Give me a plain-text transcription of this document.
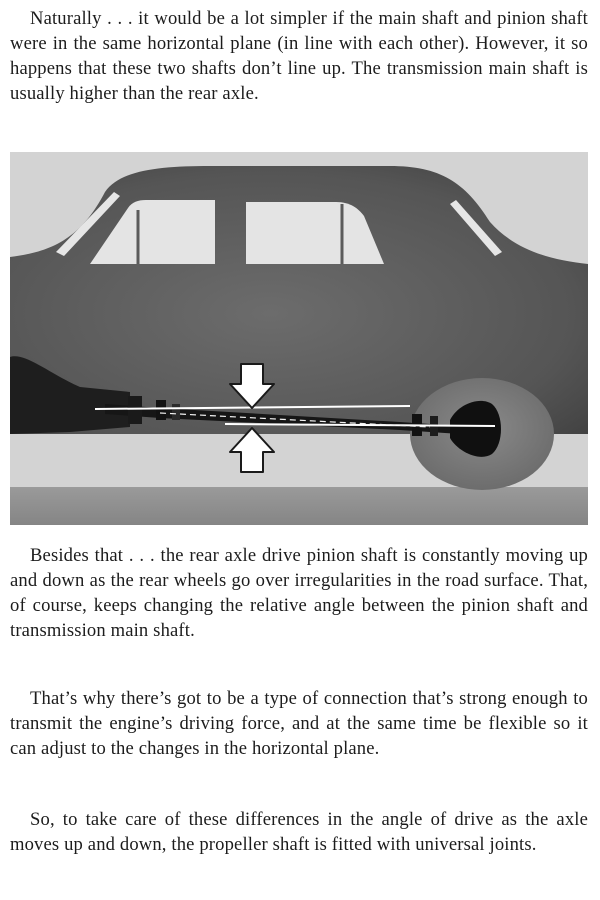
Naturally . . . it would be a lot simpler if the main shaft and pinion shaft were in the same horizontal plane (in line with each other). However, it so happens that these two shafts don’t line up. The transmission main shaft is usually higher than the rear axle.

Besides that . . . the rear axle drive pinion shaft is constantly moving up and down as the rear wheels go over irregularities in the road surface. That, of course, keeps changing the relative angle between the pinion shaft and transmission main shaft.

That’s why there’s got to be a type of connection that’s strong enough to transmit the engine’s driving force, and at the same time be flexible so it can adjust to the changes in the horizontal plane.

So, to take care of these differences in the angle of drive as the axle moves up and down, the propeller shaft is fitted with universal joints.
